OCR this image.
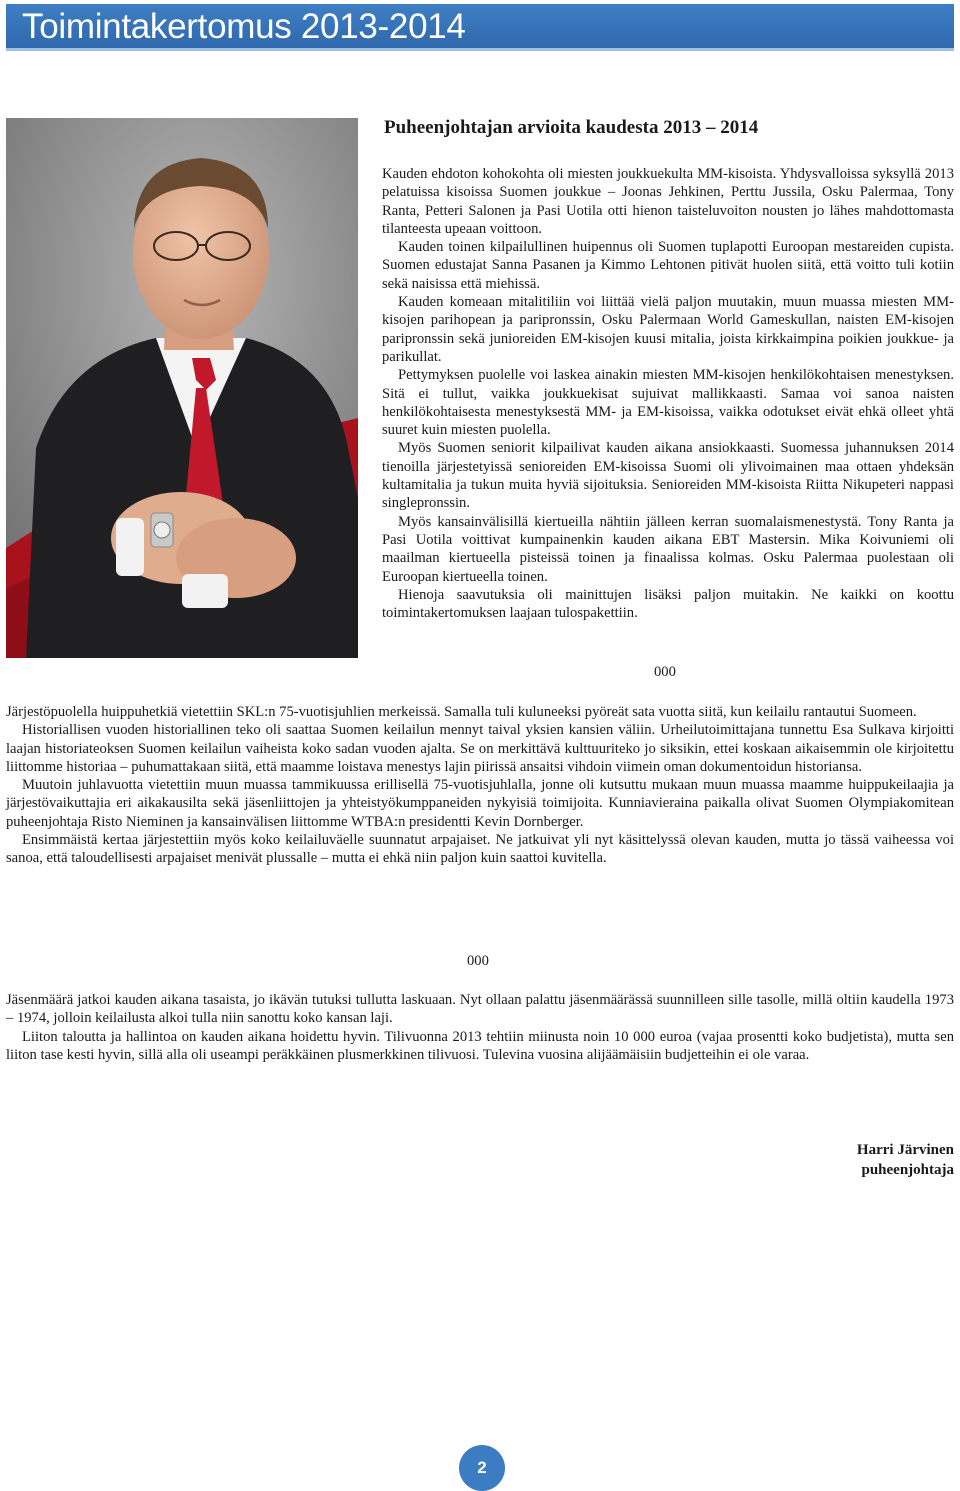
Toimintakertomus 2013-2014
Puheenjohtajan arvioita kaudesta 2013 – 2014

Kauden ehdoton kohokohta oli miesten joukkuekulta MM-kisoista. Yhdysvalloissa syksyllä 2013 pelatuissa kisoissa Suomen joukkue – Joonas Jehkinen, Perttu Jussila, Osku Palermaa, Tony Ranta, Petteri Salonen ja Pasi Uotila otti hienon taisteluvoiton nousten jo lähes mahdottomasta tilanteesta upeaan voittoon.

Kauden toinen kilpailullinen huipennus oli Suomen tuplapotti Euroopan mestareiden cupista. Suomen edustajat Sanna Pasanen ja Kimmo Lehtonen pitivät huolen siitä, että voitto tuli kotiin sekä naisissa että miehissä.

Kauden komeaan mitalitiliin voi liittää vielä paljon muutakin, muun muassa miesten MM-kisojen parihopean ja paripronssin, Osku Palermaan World Gameskullan, naisten EM-kisojen paripronssin sekä junioreiden EM-kisojen kuusi mitalia, joista kirkkaimpina poikien joukkue- ja parikullat.

Pettymyksen puolelle voi laskea ainakin miesten MM-kisojen henkilökohtaisen menestyksen. Sitä ei tullut, vaikka joukkuekisat sujuivat mallikkaasti. Samaa voi sanoa naisten henkilökohtaisesta menestyksestä MM- ja EM-kisoissa, vaikka odotukset eivät ehkä olleet yhtä suuret kuin miesten puolella.

Myös Suomen seniorit kilpailivat kauden aikana ansiokkaasti. Suomessa juhannuksen 2014 tienoilla järjestetyissä senioreiden EM-kisoissa Suomi oli ylivoimainen maa ottaen yhdeksän kultamitalia ja tukun muita hyviä sijoituksia. Senioreiden MM-kisoista Riitta Nikupeteri nappasi singlepronssin.

Myös kansainvälisillä kiertueilla nähtiin jälleen kerran suomalaismenestystä. Tony Ranta ja Pasi Uotila voittivat kumpainenkin kauden aikana EBT Mastersin. Mika Koivuniemi oli maailman kiertueella pisteissä toinen ja finaalissa kolmas. Osku Palermaa puolestaan oli Euroopan kiertueella toinen.

Hienoja saavutuksia oli mainittujen lisäksi paljon muitakin. Ne kaikki on koottu toimintakertomuksen laajaan tulospakettiin.

000

Järjestöpuolella huippuhetkiä vietettiin SKL:n 75-vuotisjuhlien merkeissä. Samalla tuli kuluneeksi pyöreät sata vuotta siitä, kun keilailu rantautui Suomeen.

Historiallisen vuoden historiallinen teko oli saattaa Suomen keilailun mennyt taival yksien kansien väliin. Urheilutoimittajana tunnettu Esa Sulkava kirjoitti laajan historiateoksen Suomen keilailun vaiheista koko sadan vuoden ajalta. Se on merkittävä kulttuuriteko jo siksikin, ettei koskaan aikaisemmin ole kirjoitettu liittomme historiaa – puhumattakaan siitä, että maamme loistava menestys lajin piirissä ansaitsi vihdoin viimein oman dokumentoidun historiansa.

Muutoin juhlavuotta vietettiin muun muassa tammikuussa erillisellä 75-vuotisjuhlalla, jonne oli kutsuttu mukaan muun muassa maamme huippukeilaajia ja järjestövaikuttajia eri aikakausilta sekä jäsenliittojen ja yhteistyökumppaneiden nykyisiä toimijoita. Kunniavieraina paikalla olivat Suomen Olympiakomitean puheenjohtaja Risto Nieminen ja kansainvälisen liittomme WTBA:n presidentti Kevin Dornberger.

Ensimmäistä kertaa järjestettiin myös koko keilailuväelle suunnatut arpajaiset. Ne jatkuivat yli nyt käsittelyssä olevan kauden, mutta jo tässä vaiheessa voi sanoa, että taloudellisesti arpajaiset menivät plussalle – mutta ei ehkä niin paljon kuin saattoi kuvitella.

000

Jäsenmäärä jatkoi kauden aikana tasaista, jo ikävän tutuksi tullutta laskuaan. Nyt ollaan palattu jäsenmäärässä suunnilleen sille tasolle, millä oltiin kaudella 1973 – 1974, jolloin keilailusta alkoi tulla niin sanottu koko kansan laji.

Liiton taloutta ja hallintoa on kauden aikana hoidettu hyvin. Tilivuonna 2013 tehtiin miinusta noin 10 000 euroa (vajaa prosentti koko budjetista), mutta sen liiton tase kesti hyvin, sillä alla oli useampi peräkkäinen plusmerkkinen tilivuosi. Tulevina vuosina alijäämäisiin budjetteihin ei ole varaa.

Harri Järvinen
puheenjohtaja
2
